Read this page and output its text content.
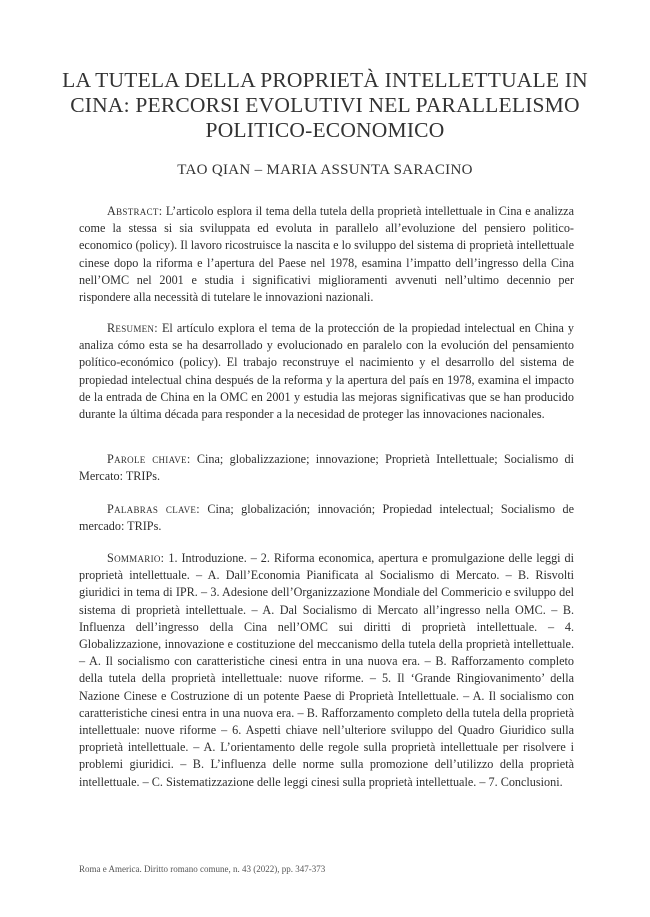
LA TUTELA DELLA PROPRIETÀ INTELLETTUALE IN CINA: PERCORSI EVOLUTIVI NEL PARALLELISMO POLITICO-ECONOMICO

TAO QIAN – MARIA ASSUNTA SARACINO

Abstract: L’articolo esplora il tema della tutela della proprietà intellettuale in Cina e analizza come la stessa si sia sviluppata ed evoluta in parallelo all’evoluzione del pensiero politico-economico (policy). Il lavoro ricostruisce la nascita e lo sviluppo del sistema di proprietà intellettuale cinese dopo la riforma e l’apertura del Paese nel 1978, esamina l’impatto dell’ingresso della Cina nell’OMC nel 2001 e studia i significativi miglioramenti avvenuti nell’ultimo decennio per rispondere alla necessità di tutelare le innovazioni nazionali.

Resumen: El artículo explora el tema de la protección de la propiedad intelectual en China y analiza cómo esta se ha desarrollado y evolucionado en paralelo con la evolución del pensamiento político-económico (policy). El trabajo reconstruye el nacimiento y el desarrollo del sistema de propiedad intelectual china después de la reforma y la apertura del país en 1978, examina el impacto de la entrada de China en la OMC en 2001 y estudia las mejoras significativas que se han producido durante la última década para responder a la necesidad de proteger las innovaciones nacionales.

Parole chiave: Cina; globalizzazione; innovazione; Proprietà Intellettuale; Socialismo di Mercato: TRIPs.

Palabras clave: Cina; globalización; innovación; Propiedad intelectual; Socialismo de mercado: TRIPs.

Sommario: 1. Introduzione. – 2. Riforma economica, apertura e promulgazione delle leggi di proprietà intellettuale. – A. Dall’Economia Pianificata al Socialismo di Mercato. – B. Risvolti giuridici in tema di IPR. – 3. Adesione dell’Organizzazione Mondiale del Commericio e sviluppo del sistema di proprietà intellettuale. – A. Dal Socialismo di Mercato all’ingresso nella OMC. – B. Influenza dell’ingresso della Cina nell’OMC sui diritti di proprietà intellettuale. – 4. Globalizzazione, innovazione e costituzione del meccanismo della tutela della proprietà intellettuale. – A. Il socialismo con caratteristiche cinesi entra in una nuova era. – B. Rafforzamento completo della tutela della proprietà intellettuale: nuove riforme. – 5. Il ‘Grande Ringiovanimento’ della Nazione Cinese e Costruzione di un potente Paese di Proprietà Intellettuale. – A. Il socialismo con caratteristiche cinesi entra in una nuova era. – B. Rafforzamento completo della tutela della proprietà intellettuale: nuove riforme – 6. Aspetti chiave nell’ulteriore sviluppo del Quadro Giuridico sulla proprietà intellettuale. – A. L’orientamento delle regole sulla proprietà intellettuale per risolvere i problemi giuridici. – B. L’influenza delle norme sulla promozione dell’utilizzo della proprietà intellettuale. – C. Sistematizzazione delle leggi cinesi sulla proprietà intellettuale. – 7. Conclusioni.

Roma e America. Diritto romano comune, n. 43 (2022), pp. 347-373
